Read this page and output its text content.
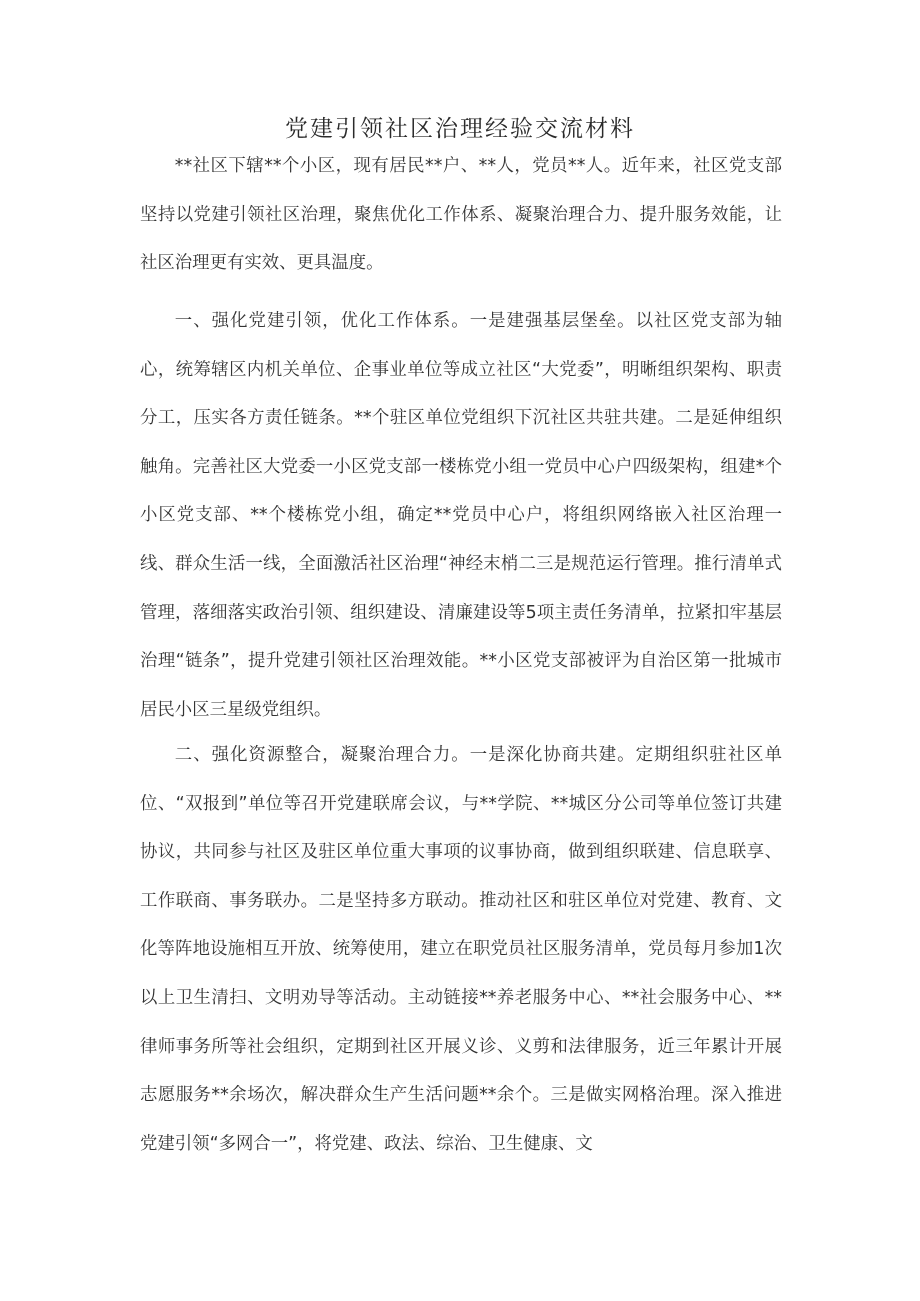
党建引领社区治理经验交流材料

**社区下辖**个小区，现有居民**户、**人，党员**人。近年来，社区党支部坚持以党建引领社区治理，聚焦优化工作体系、凝聚治理合力、提升服务效能，让社区治理更有实效、更具温度。

一、强化党建引领，优化工作体系。一是建强基层堡垒。以社区党支部为轴心，统筹辖区内机关单位、企事业单位等成立社区“大党委”，明晰组织架构、职责分工，压实各方责任链条。**个驻区单位党组织下沉社区共驻共建。二是延伸组织触角。完善社区大党委一小区党支部一楼栋党小组一党员中心户四级架构，组建*个小区党支部、**个楼栋党小组，确定**党员中心户，将组织网络嵌入社区治理一线、群众生活一线，全面激活社区治理“神经末梢二三是规范运行管理。推行清单式管理，落细落实政治引领、组织建设、清廉建设等5项主责任务清单，拉紧扣牢基层治理“链条”，提升党建引领社区治理效能。**小区党支部被评为自治区第一批城市居民小区三星级党组织。

二、强化资源整合，凝聚治理合力。一是深化协商共建。定期组织驻社区单位、“双报到”单位等召开党建联席会议，与**学院、**城区分公司等单位签订共建协议，共同参与社区及驻区单位重大事项的议事协商，做到组织联建、信息联享、工作联商、事务联办。二是坚持多方联动。推动社区和驻区单位对党建、教育、文化等阵地设施相互开放、统筹使用，建立在职党员社区服务清单，党员每月参加1次以上卫生清扫、文明劝导等活动。主动链接**养老服务中心、**社会服务中心、**律师事务所等社会组织，定期到社区开展义诊、义剪和法律服务，近三年累计开展志愿服务**余场次，解决群众生产生活问题**余个。三是做实网格治理。深入推进党建引领“多网合一”，将党建、政法、综治、卫生健康、文
